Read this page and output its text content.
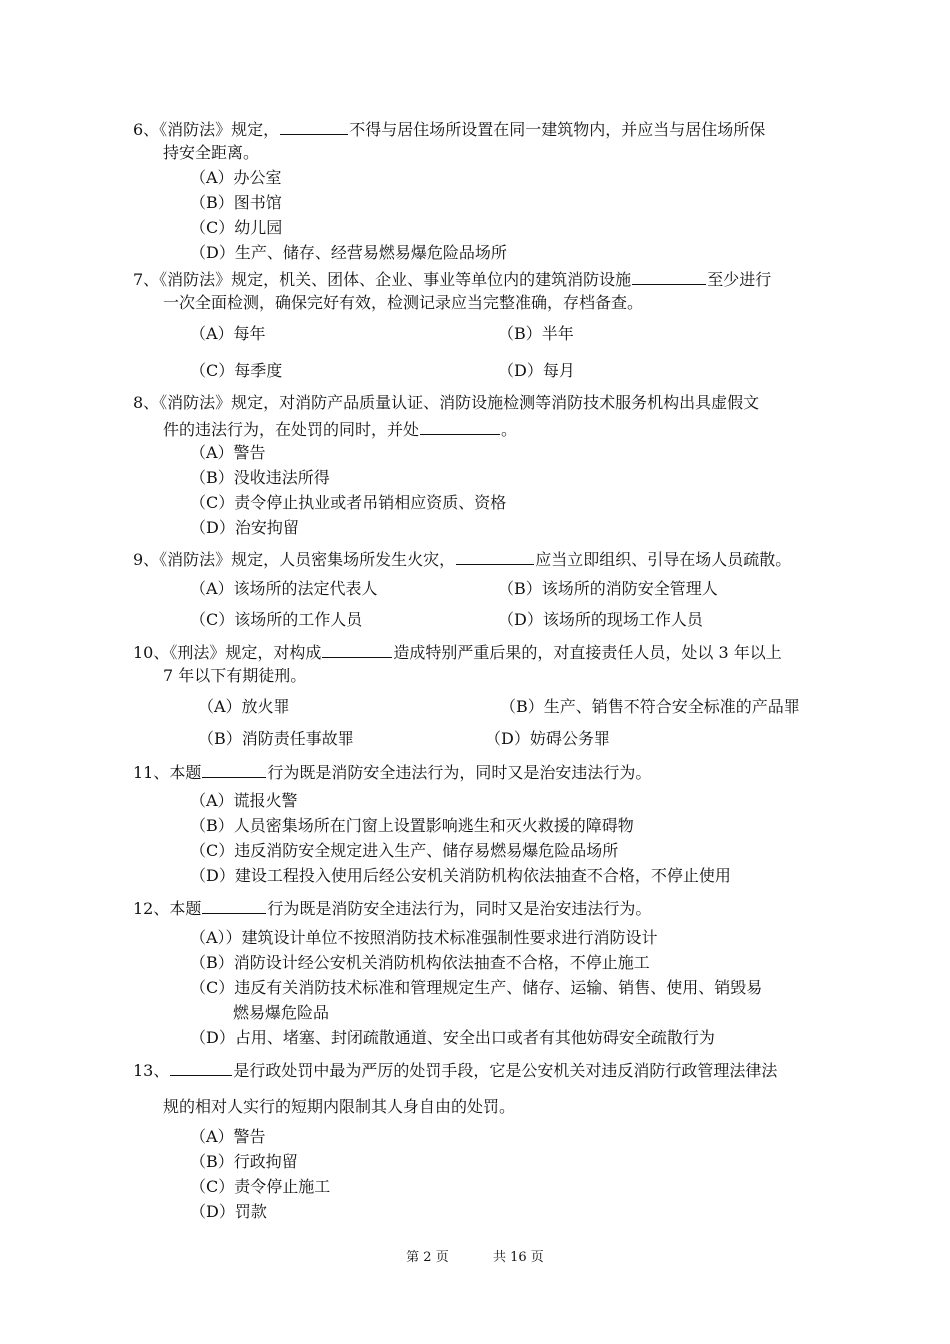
6、《消防法》规定，	不得与居住场所设置在同一建筑物内，并应当与居住场所保
持安全距离。
（A）办公室
（B）图书馆
（C）幼儿园
（D）生产、储存、经营易燃易爆危险品场所
7、《消防法》规定，机关、团体、企业、事业等单位内的建筑消防设施	至少进行
一次全面检测，确保完好有效，检测记录应当完整准确，存档备查。
（A）每年	（B）半年
（C）每季度	（D）每月
8、《消防法》规定，对消防产品质量认证、消防设施检测等消防技术服务机构出具虚假文
件的违法行为，在处罚的同时，并处	。
（A）警告
（B）没收违法所得
（C）责令停止执业或者吊销相应资质、资格
（D）治安拘留
9、《消防法》规定，人员密集场所发生火灾，	应当立即组织、引导在场人员疏散。
（A）该场所的法定代表人	（B）该场所的消防安全管理人
（C）该场所的工作人员	（D）该场所的现场工作人员
10、《刑法》规定，对构成	造成特别严重后果的，对直接责任人员，处以 3 年以上
7 年以下有期徒刑。
（A）放火罪	（B）生产、销售不符合安全标准的产品罪
（B）消防责任事故罪	（D）妨碍公务罪
11、本题	行为既是消防安全违法行为，同时又是治安违法行为。
（A）谎报火警
（B）人员密集场所在门窗上设置影响逃生和灭火救援的障碍物
（C）违反消防安全规定进入生产、储存易燃易爆危险品场所
（D）建设工程投入使用后经公安机关消防机构依法抽查不合格，不停止使用
12、本题	行为既是消防安全违法行为，同时又是治安违法行为。
（A））建筑设计单位不按照消防技术标准强制性要求进行消防设计
（B）消防设计经公安机关消防机构依法抽查不合格，不停止施工
（C）违反有关消防技术标准和管理规定生产、储存、运输、销售、使用、销毁易
燃易爆危险品
（D）占用、堵塞、封闭疏散通道、安全出口或者有其他妨碍安全疏散行为
13、	是行政处罚中最为严厉的处罚手段，它是公安机关对违反消防行政管理法律法
规的相对人实行的短期内限制其人身自由的处罚。
（A）警告
（B）行政拘留
（C）责令停止施工
（D）罚款
第 2 页	共 16 页
